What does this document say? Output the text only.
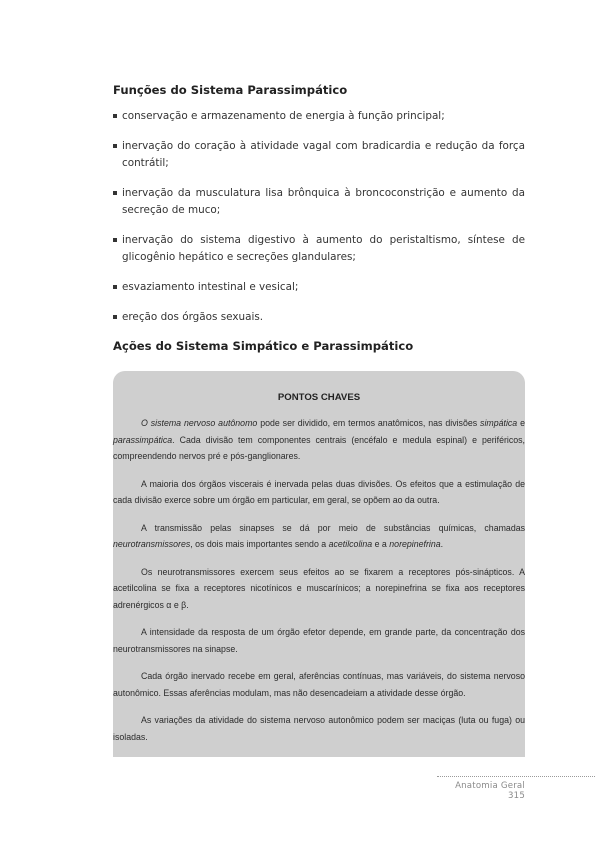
Funções do Sistema Parassimpático
conservação e armazenamento de energia à função principal;
inervação do coração à atividade vagal com bradicardia e redução da força contrátil;
inervação da musculatura lisa brônquica à broncoconstrição e aumento da secreção de muco;
inervação do sistema digestivo à aumento do peristaltismo, síntese de glicogênio hepático e secreções glandulares;
esvaziamento intestinal e vesical;
ereção dos órgãos sexuais.
Ações do Sistema Simpático e Parassimpático
PONTOS CHAVES

O sistema nervoso autônomo pode ser dividido, em termos anatômicos, nas divisões simpática e parassimpática. Cada divisão tem componentes centrais (encéfalo e medula espinal) e periféricos, compreendendo nervos pré e pós-ganglionares.

A maioria dos órgãos viscerais é inervada pelas duas divisões. Os efeitos que a estimulação de cada divisão exerce sobre um órgão em particular, em geral, se opõem ao da outra.

A transmissão pelas sinapses se dá por meio de substâncias químicas, chamadas neurotransmissores, os dois mais importantes sendo a acetilcolina e a norepinefrina.

Os neurotransmissores exercem seus efeitos ao se fixarem a receptores pós-sinápticos. A acetilcolina se fixa a receptores nicotínicos e muscarínicos; a norepinefrina se fixa aos receptores adrenérgicos α e β.

A intensidade da resposta de um órgão efetor depende, em grande parte, da concentração dos neurotransmissores na sinapse.

Cada órgão inervado recebe em geral, aferências contínuas, mas variáveis, do sistema nervoso autonômico. Essas aferências modulam, mas não desencadeiam a atividade desse órgão.

As variações da atividade do sistema nervoso autonômico podem ser maciças (luta ou fuga) ou isoladas.

Anatomia Geral 315
